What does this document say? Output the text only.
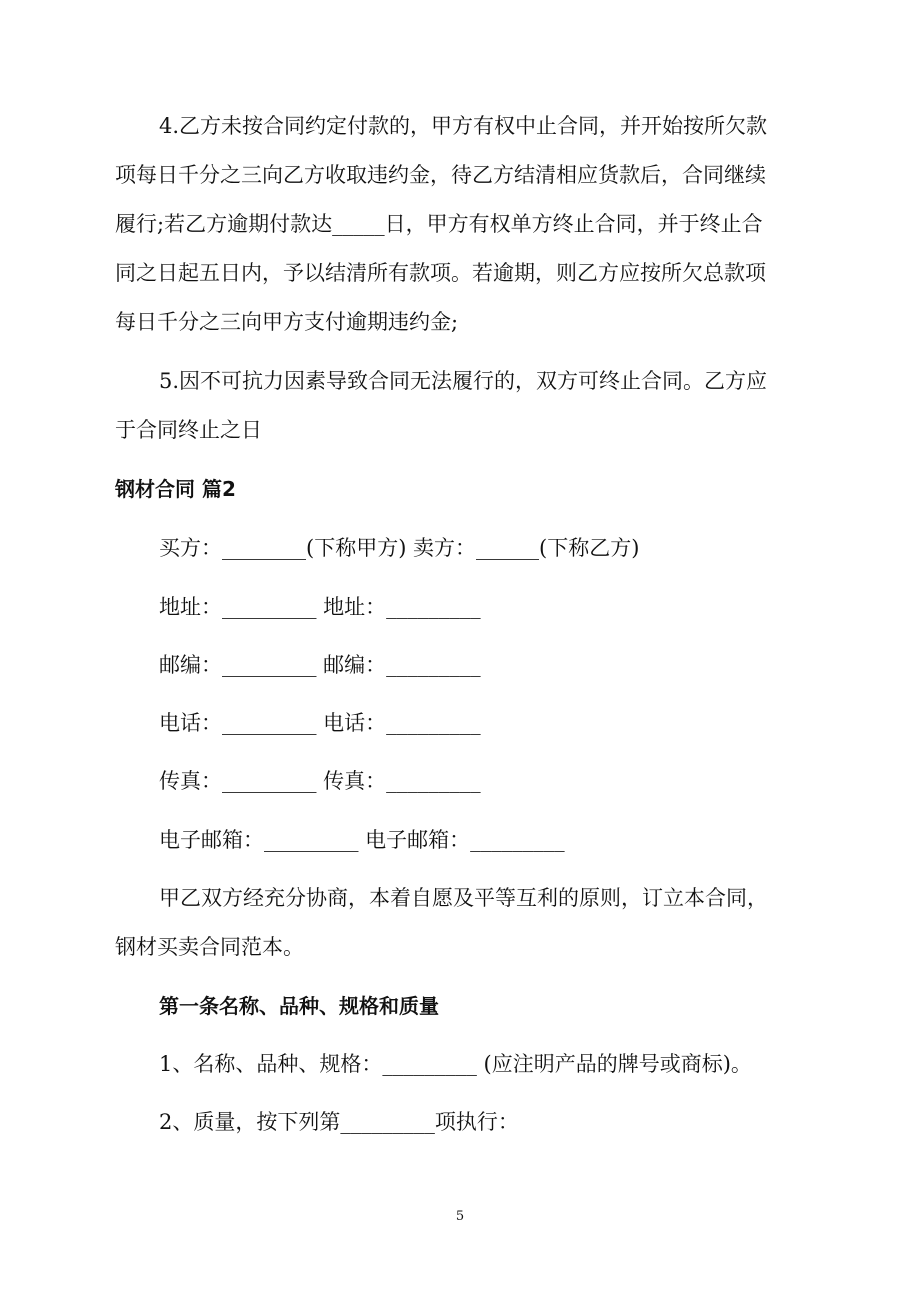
4.乙方未按合同约定付款的，甲方有权中止合同，并开始按所欠款
项每日千分之三向乙方收取违约金，待乙方结清相应货款后，合同继续
履行;若乙方逾期付款达_____日，甲方有权单方终止合同，并于终止合
同之日起五日内，予以结清所有款项。若逾期，则乙方应按所欠总款项
每日千分之三向甲方支付逾期违约金;
5.因不可抗力因素导致合同无法履行的，双方可终止合同。乙方应
于合同终止之日
钢材合同 篇2
买方：________(下称甲方) 卖方：______(下称乙方)
地址：_________ 地址：_________
邮编：_________ 邮编：_________
电话：_________ 电话：_________
传真：_________ 传真：_________
电子邮箱：_________ 电子邮箱：_________
甲乙双方经充分协商，本着自愿及平等互利的原则，订立本合同，
钢材买卖合同范本。
第一条名称、品种、规格和质量
1、名称、品种、规格：_________ (应注明产品的牌号或商标)。
2、质量，按下列第_________项执行：
5
